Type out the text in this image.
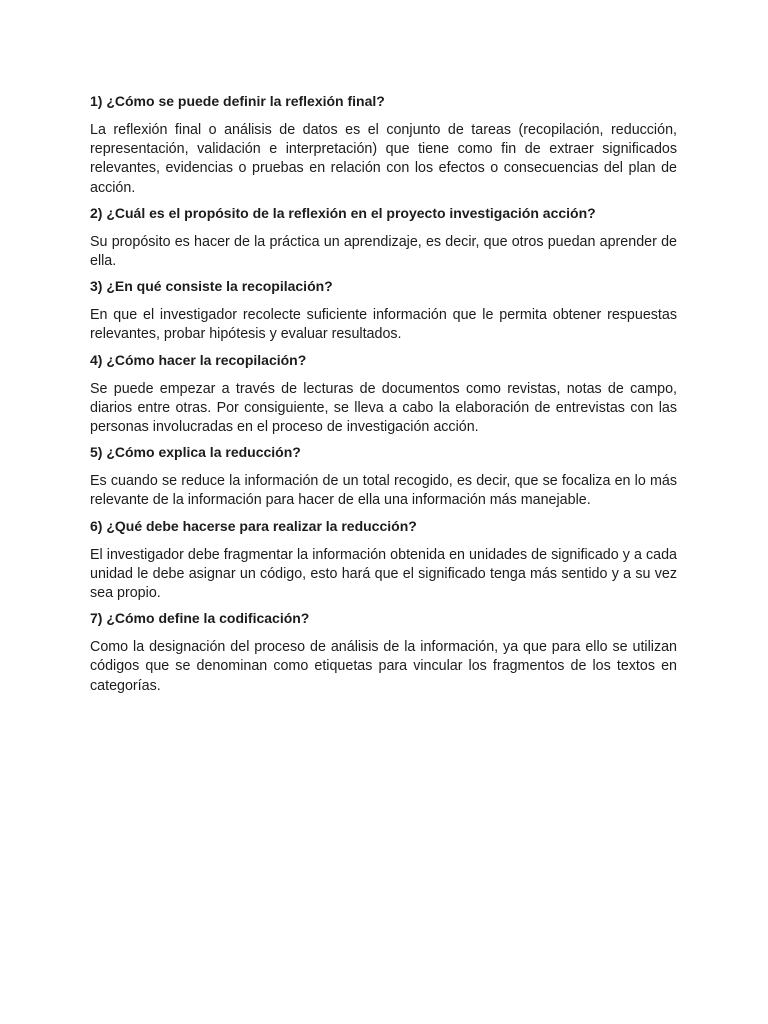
1) ¿Cómo se puede definir la reflexión final?

La reflexión final o análisis de datos es el conjunto de tareas (recopilación, reducción, representación, validación e interpretación) que tiene como fin de extraer significados relevantes, evidencias o pruebas en relación con los efectos o consecuencias del plan de acción.

2) ¿Cuál es el propósito de la reflexión en el proyecto investigación acción?

Su propósito es hacer de la práctica un aprendizaje, es decir, que otros puedan aprender de ella.

3) ¿En qué consiste la recopilación?

En que el investigador recolecte suficiente información que le permita obtener respuestas relevantes, probar hipótesis y evaluar resultados.

4) ¿Cómo hacer la recopilación?

Se puede empezar a través de lecturas de documentos como revistas, notas de campo, diarios entre otras. Por consiguiente, se lleva a cabo la elaboración de entrevistas con las personas involucradas en el proceso de investigación acción.

5) ¿Cómo explica la reducción?

Es cuando se reduce la información de un total recogido, es decir, que se focaliza en lo más relevante de la información para hacer de ella una información más manejable.

6) ¿Qué debe hacerse para realizar la reducción?

El investigador debe fragmentar la información obtenida en unidades de significado y a cada unidad le debe asignar un código, esto hará que el significado tenga más sentido y a su vez sea propio.

7) ¿Cómo define la codificación?

Como la designación del proceso de análisis de la información, ya que para ello se utilizan códigos que se denominan como etiquetas para vincular los fragmentos de los textos en categorías.
